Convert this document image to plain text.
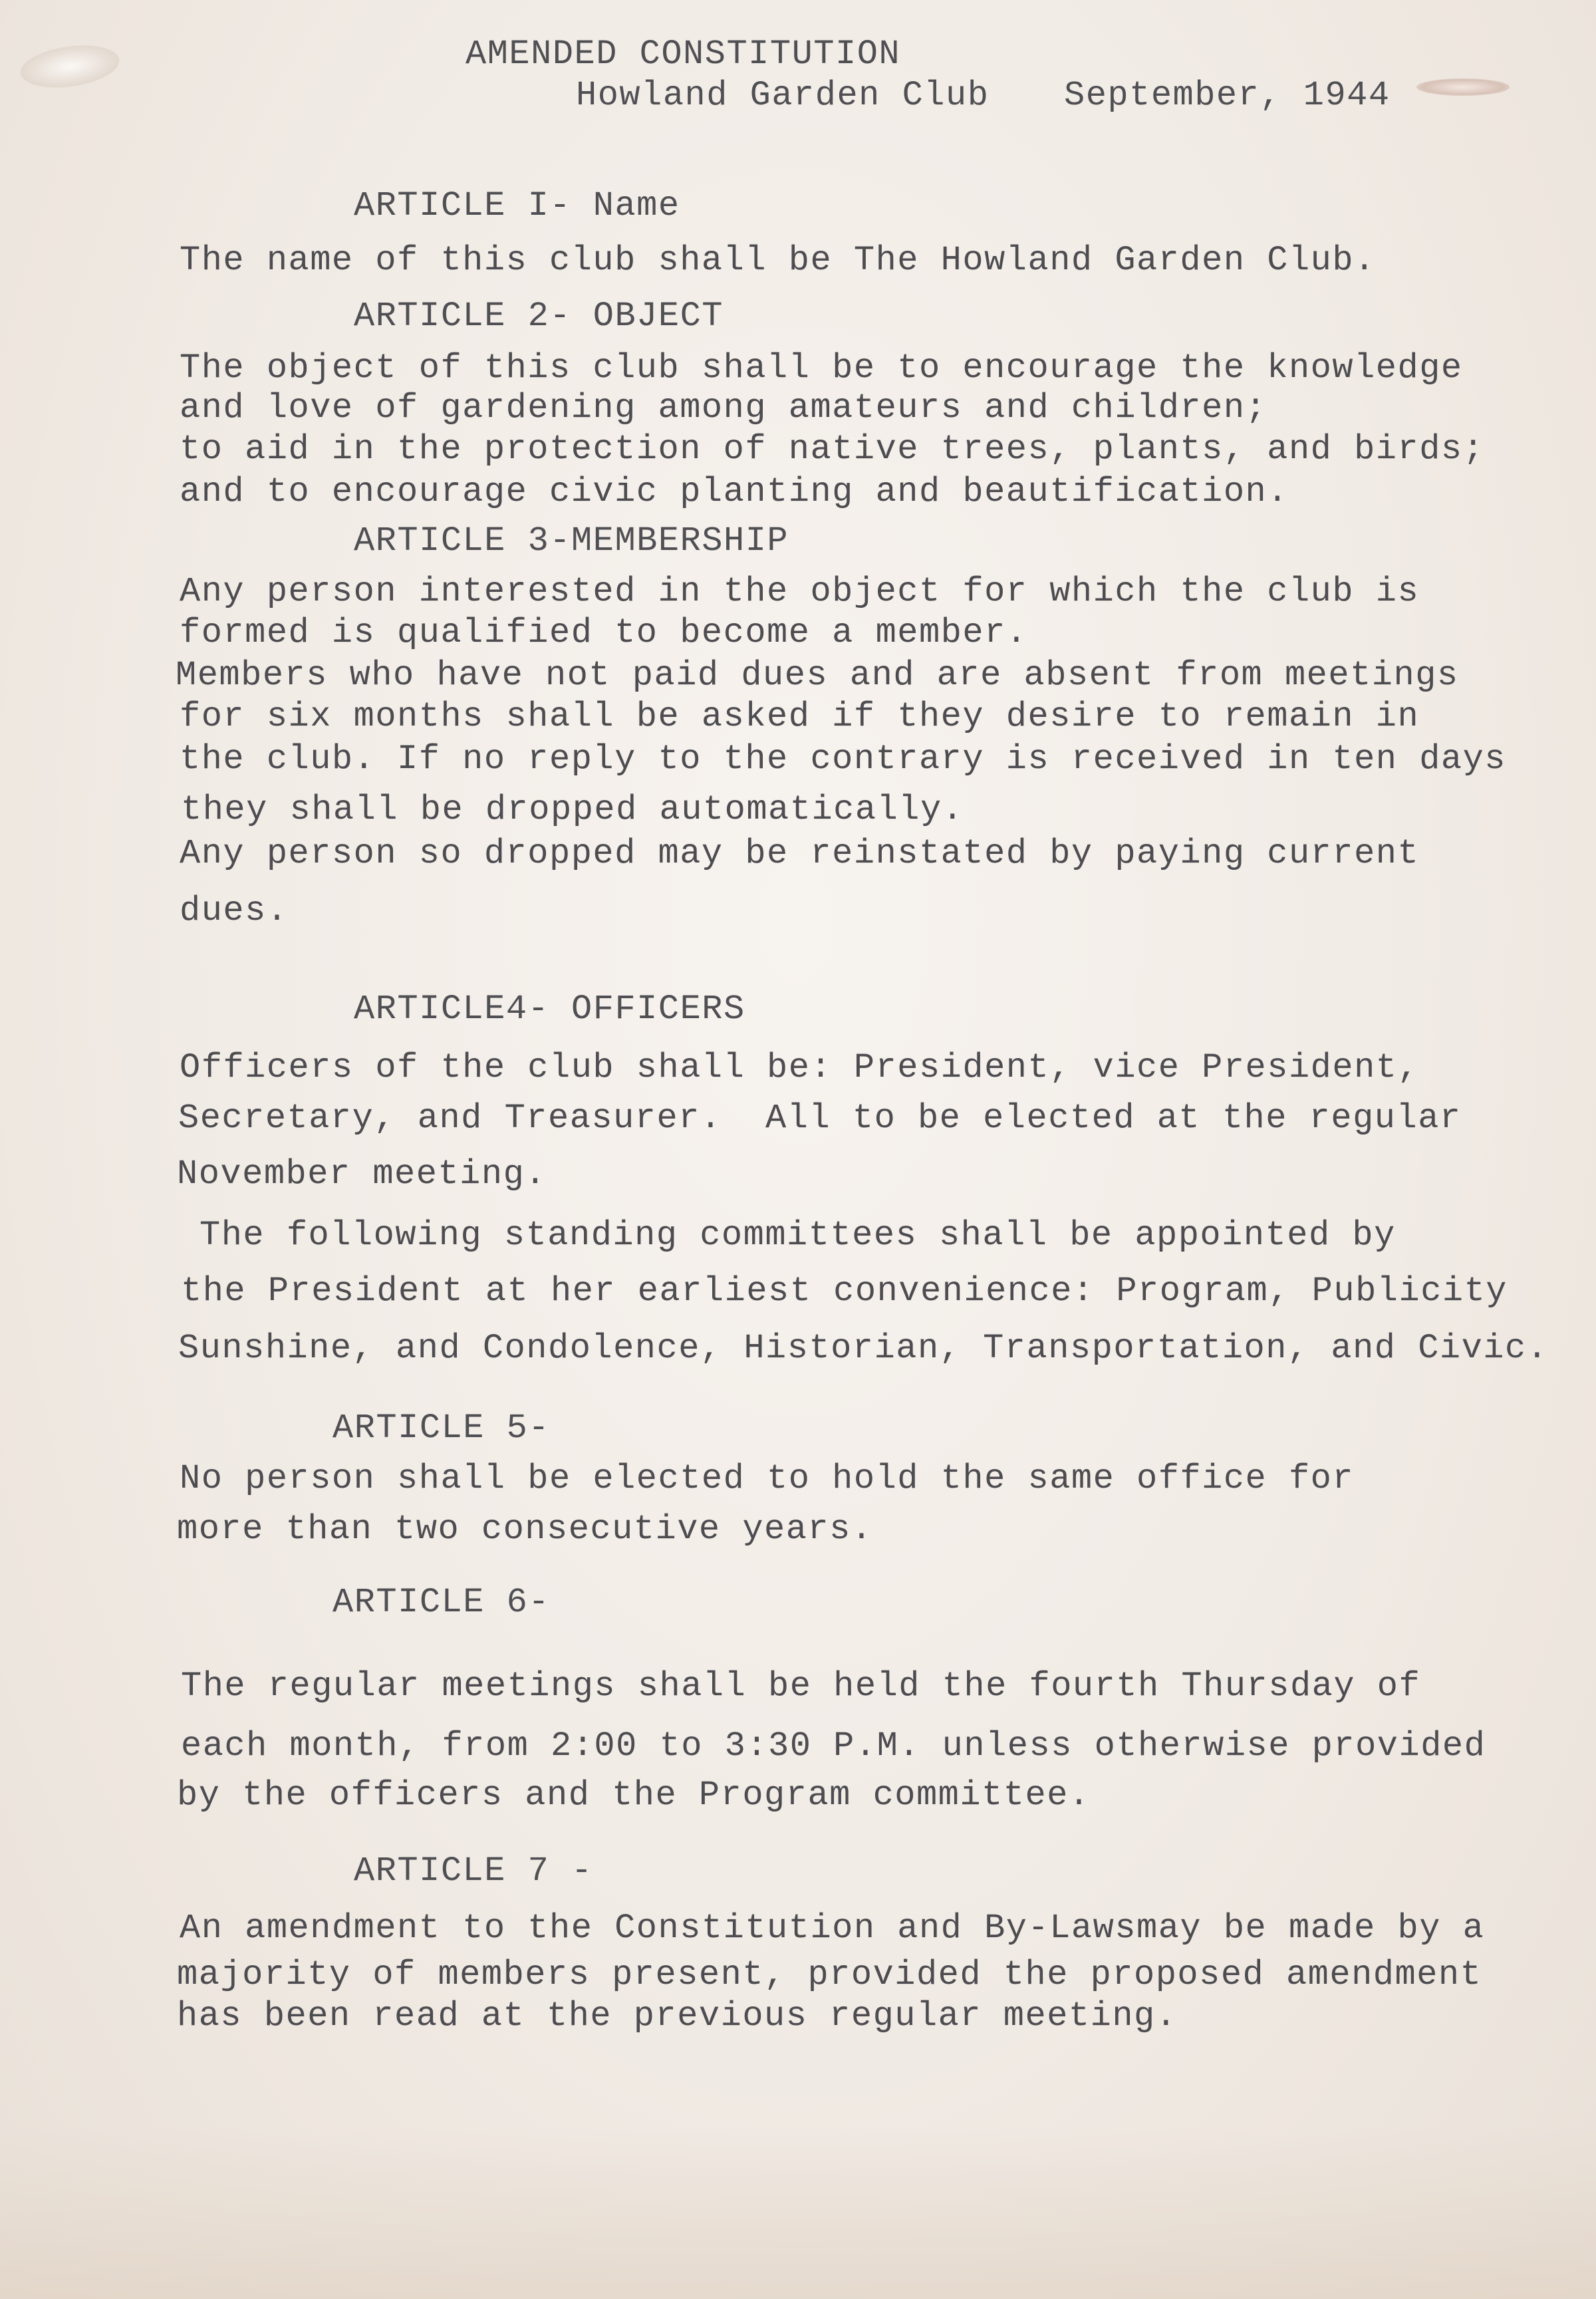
AMENDED CONSTITUTION

Howland Garden Club September, 1944

ARTICLE I- Name

The name of this club shall be The Howland Garden Club.

ARTICLE 2- OBJECT

The object of this club shall be to encourage the knowledge

and love of gardening among amateurs and children;

to aid in the protection of native trees, plants, and birds;

and to encourage civic planting and beautification.

ARTICLE 3-MEMBERSHIP

Any person interested in the object for which the club is

formed is qualified to become a member.

Members who have not paid dues and are absent from meetings

for six months shall be asked if they desire to remain in

the club. If no reply to the contrary is received in ten days

they shall be dropped automatically.

Any person so dropped may be reinstated by paying current

dues.

ARTICLE4- OFFICERS

Officers of the club shall be: President, vice President,

Secretary, and Treasurer.  All to be elected at the regular

November meeting.

The following standing committees shall be appointed by

the President at her earliest convenience: Program, Publicity

Sunshine, and Condolence, Historian, Transportation, and Civic.

ARTICLE 5-

No person shall be elected to hold the same office for

more than two consecutive years.

ARTICLE 6-

The regular meetings shall be held the fourth Thursday of

each month, from 2:00 to 3:30 P.M. unless otherwise provided

by the officers and the Program committee.

ARTICLE 7 -

An amendment to the Constitution and By-Lawsmay be made by a

majority of members present, provided the proposed amendment

has been read at the previous regular meeting.
